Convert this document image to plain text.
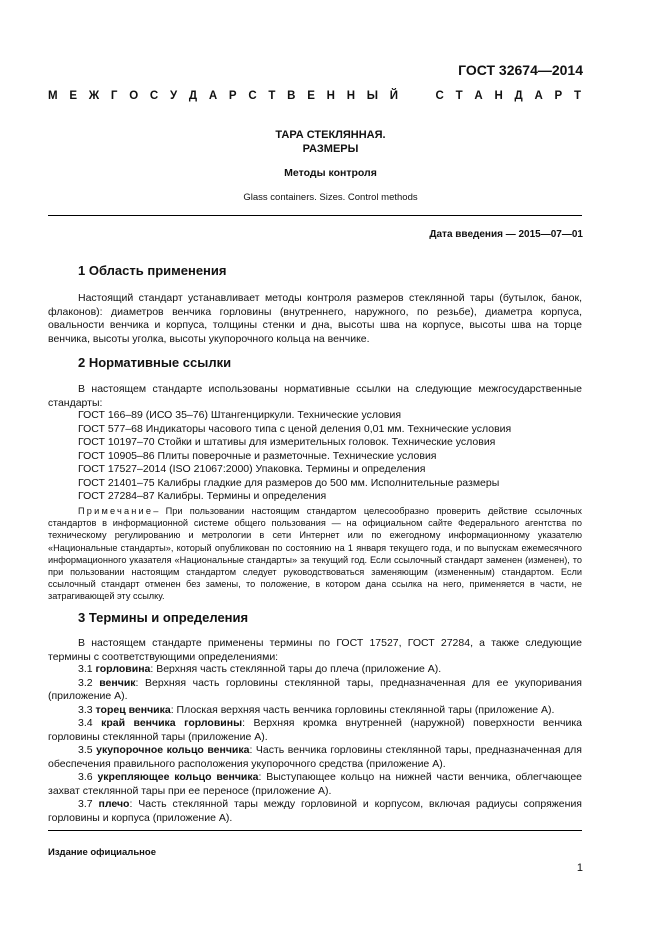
ГОСТ 32674—2014
М Е Ж Г О С У Д А Р С Т В Е Н Н Ы Й	С Т А Н Д А Р Т
ТАРА СТЕКЛЯННАЯ.
РАЗМЕРЫ
Методы контроля
Glass containers. Sizes. Control methods
Дата введения — 2015—07—01
1 Область применения
Настоящий стандарт устанавливает методы контроля размеров стеклянной тары (бутылок, банок, флаконов): диаметров венчика горловины (внутреннего, наружного, по резьбе), диаметра корпуса, овальности венчика и корпуса, толщины стенки и дна, высоты шва на корпусе, высоты шва на торце венчика, высоты уголка, высоты укупорочного кольца на венчике.
2 Нормативные ссылки
В настоящем стандарте использованы нормативные ссылки на следующие межгосударственные стандарты:
ГОСТ 166–89 (ИСО 35–76) Штангенциркули. Технические условия
ГОСТ 577–68 Индикаторы часового типа с ценой деления 0,01 мм. Технические условия
ГОСТ 10197–70 Стойки и штативы для измерительных головок. Технические условия
ГОСТ 10905–86 Плиты поверочные и разметочные. Технические условия
ГОСТ 17527–2014 (ISO 21067:2000) Упаковка. Термины и определения
ГОСТ 21401–75 Калибры гладкие для размеров до 500 мм. Исполнительные размеры
ГОСТ 27284–87 Калибры. Термины и определения
Примечание– При пользовании настоящим стандартом целесообразно проверить действие ссылочных стандартов в информационной системе общего пользования — на официальном сайте Федерального агентства по техническому регулированию и метрологии в сети Интернет или по ежегодному информационному указателю «Национальные стандарты», который опубликован по состоянию на 1 января текущего года, и по выпускам ежемесячного информационного указателя «Национальные стандарты» за текущий год. Если ссылочный стандарт заменен (изменен), то при пользовании настоящим стандартом следует руководствоваться заменяющим (измененным) стандартом. Если ссылочный стандарт отменен без замены, то положение, в котором дана ссылка на него, применяется в части, не затрагивающей эту ссылку.
3 Термины и определения
В настоящем стандарте применены термины по ГОСТ 17527, ГОСТ 27284, а также следующие термины с соответствующими определениями:
3.1 горловина: Верхняя часть стеклянной тары до плеча (приложение А).
3.2 венчик: Верхняя часть горловины стеклянной тары, предназначенная для ее укупоривания (приложение А).
3.3 торец венчика: Плоская верхняя часть венчика горловины стеклянной тары (приложение А).
3.4 край венчика горловины: Верхняя кромка внутренней (наружной) поверхности венчика горловины стеклянной тары (приложение А).
3.5 укупорочное кольцо венчика: Часть венчика горловины стеклянной тары, предназначенная для обеспечения правильного расположения укупорочного средства (приложение А).
3.6 укрепляющее кольцо венчика: Выступающее кольцо на нижней части венчика, облегчающее захват стеклянной тары при ее переносе (приложение А).
3.7 плечо: Часть стеклянной тары между горловиной и корпусом, включая радиусы сопряжения горловины и корпуса (приложение А).
Издание официальное
1
